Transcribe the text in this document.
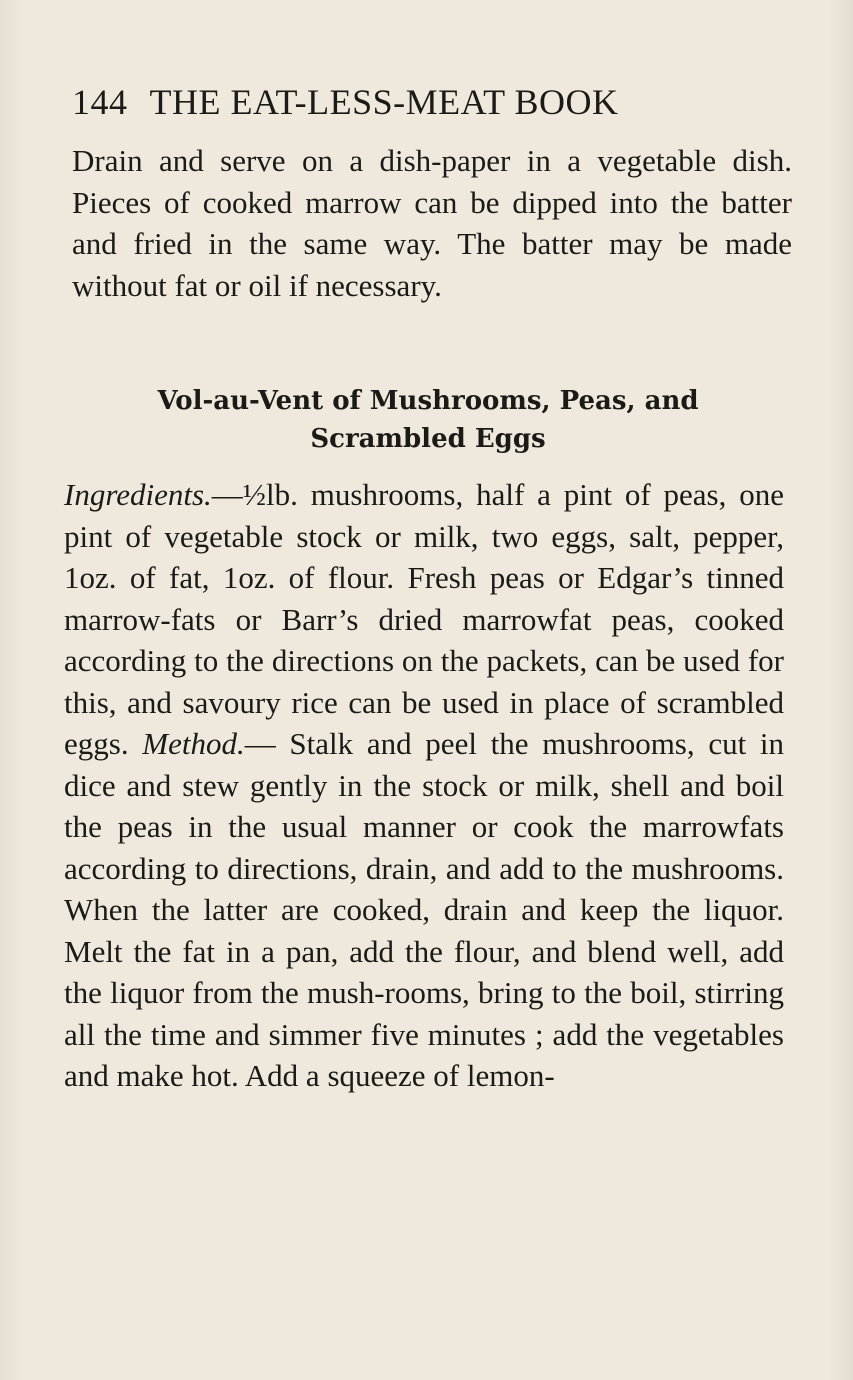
144 THE EAT-LESS-MEAT BOOK

Drain and serve on a dish-paper in a vegetable dish. Pieces of cooked marrow can be dipped into the batter and fried in the same way. The batter may be made without fat or oil if necessary.

Vol-au-Vent of Mushrooms, Peas, and
Scrambled Eggs

Ingredients.—½lb. mushrooms, half a pint of peas, one pint of vegetable stock or milk, two eggs, salt, pepper, 1oz. of fat, 1oz. of flour. Fresh peas or Edgar’s tinned marrow-fats or Barr’s dried marrowfat peas, cooked according to the directions on the packets, can be used for this, and savoury rice can be used in place of scrambled eggs. Method.— Stalk and peel the mushrooms, cut in dice and stew gently in the stock or milk, shell and boil the peas in the usual manner or cook the marrowfats according to directions, drain, and add to the mushrooms. When the latter are cooked, drain and keep the liquor. Melt the fat in a pan, add the flour, and blend well, add the liquor from the mush-rooms, bring to the boil, stirring all the time and simmer five minutes ; add the vegetables and make hot. Add a squeeze of lemon-
